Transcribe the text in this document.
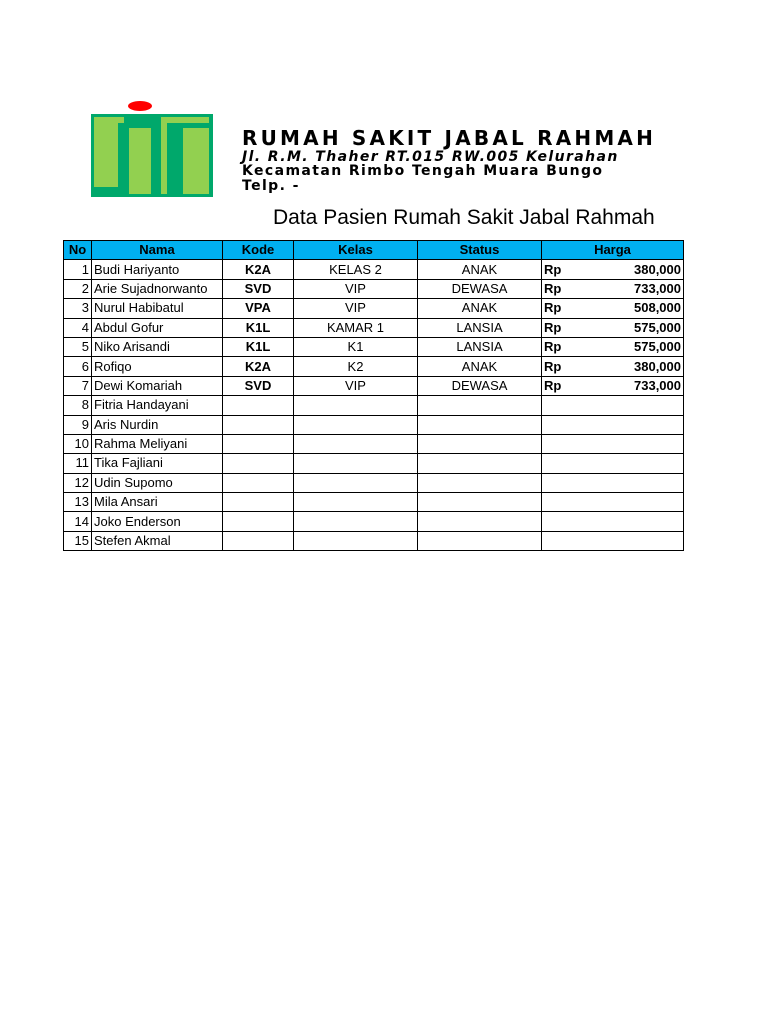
RUMAH SAKIT JABAL RAHMAH
Jl. R.M. Thaher RT.015 RW.005 Kelurahan
Kecamatan Rimbo Tengah Muara Bungo
Telp. -
Data Pasien Rumah Sakit Jabal Rahmah
No	Nama	Kode	Kelas	Status	Harga
1	Budi Hariyanto	K2A	KELAS 2	ANAK	Rp 380,000

2	Arie Sujadnorwanto	SVD	VIP	DEWASA	Rp 733,000

3	Nurul Habibatul	VPA	VIP	ANAK	Rp 508,000

4	Abdul Gofur	K1L	KAMAR 1	LANSIA	Rp 575,000

5	Niko Arisandi	K1L	K1	LANSIA	Rp 575,000

6	Rofiqo	K2A	K2	ANAK	Rp 380,000

7	Dewi Komariah	SVD	VIP	DEWASA	Rp 733,000

8	Fitria Handayani				
9	Aris Nurdin				
10	Rahma Meliyani				
11	Tika Fajliani				
12	Udin Supomo				
13	Mila Ansari				
14	Joko Enderson				
15	Stefen Akmal				
